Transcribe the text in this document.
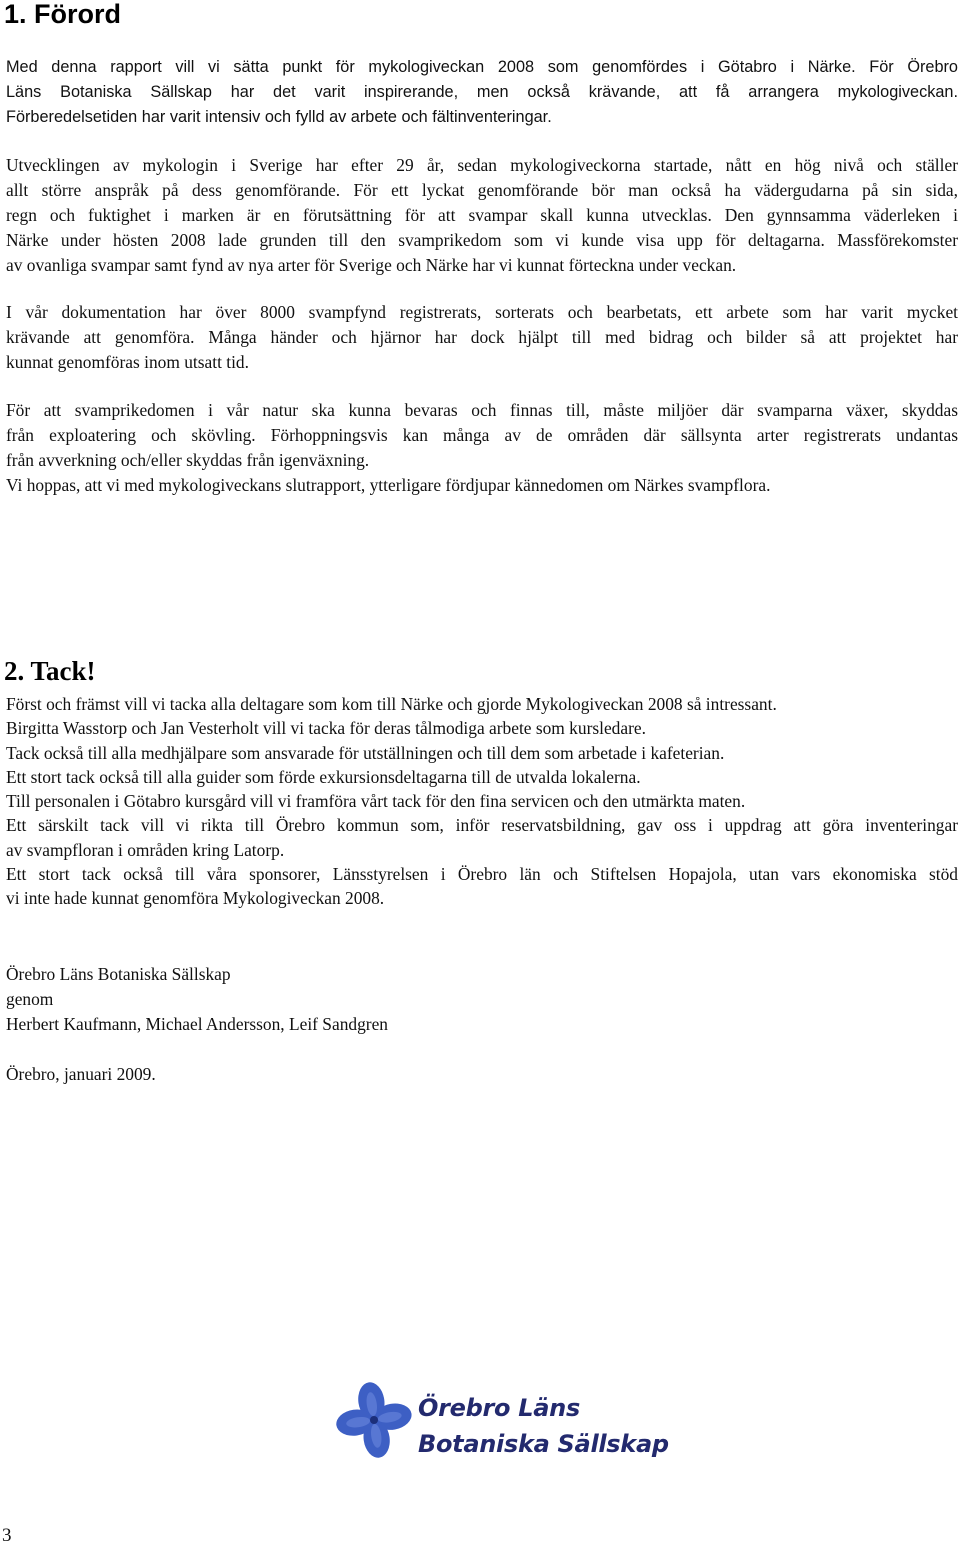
1. Förord

Med denna rapport vill vi sätta punkt för mykologiveckan 2008 som genomfördes i Götabro i Närke. För Örebro
Läns Botaniska Sällskap har det varit inspirerande, men också krävande, att få arrangera mykologiveckan.
Förberedelsetiden har varit intensiv och fylld av arbete och fältinventeringar.

Utvecklingen av mykologin i Sverige har efter 29 år, sedan mykologiveckorna startade, nått en hög nivå och ställer
allt större anspråk på dess genomförande. För ett lyckat genomförande bör man också ha vädergudarna på sin sida,
regn och fuktighet i marken är en förutsättning för att svampar skall kunna utvecklas. Den gynnsamma väderleken i
Närke under hösten 2008 lade grunden till den svamprikedom som vi kunde visa upp för deltagarna. Massförekomster
av ovanliga svampar samt fynd av nya arter för Sverige och Närke har vi kunnat förteckna under veckan.

I vår dokumentation har över 8000 svampfynd registrerats, sorterats och bearbetats, ett arbete som har varit mycket
krävande att genomföra. Många händer och hjärnor har dock hjälpt till med bidrag och bilder så att projektet har
kunnat genomföras inom utsatt tid.

För att svamprikedomen i vår natur ska kunna bevaras och finnas till, måste miljöer där svamparna växer, skyddas
från exploatering och skövling. Förhoppningsvis kan många av de områden där sällsynta arter registrerats undantas
från avverkning och/eller skyddas från igenväxning.
Vi hoppas, att vi med mykologiveckans slutrapport, ytterligare fördjupar kännedomen om Närkes svampflora.

2. Tack!
Först och främst vill vi tacka alla deltagare som kom till Närke och gjorde Mykologiveckan 2008 så intressant.
Birgitta Wasstorp och Jan Vesterholt vill vi tacka för deras tålmodiga arbete som kursledare.
Tack också till alla medhjälpare som ansvarade för utställningen och till dem som arbetade i kafeterian.
Ett stort tack också till alla guider som förde exkursionsdeltagarna till de utvalda lokalerna.
Till personalen i Götabro kursgård vill vi framföra vårt tack för den fina servicen och den utmärkta maten.
Ett särskilt tack vill vi rikta till Örebro kommun som, inför reservatsbildning, gav oss i uppdrag att göra inventeringar
av svampfloran i områden kring Latorp.
Ett stort tack också till våra sponsorer, Länsstyrelsen i Örebro län och Stiftelsen Hopajola, utan vars ekonomiska stöd
vi inte hade kunnat genomföra Mykologiveckan 2008.
Örebro Läns Botaniska Sällskap
genom
Herbert Kaufmann, Michael Andersson, Leif Sandgren
Örebro, januari 2009.
Örebro Läns
Botaniska Sällskap
3
